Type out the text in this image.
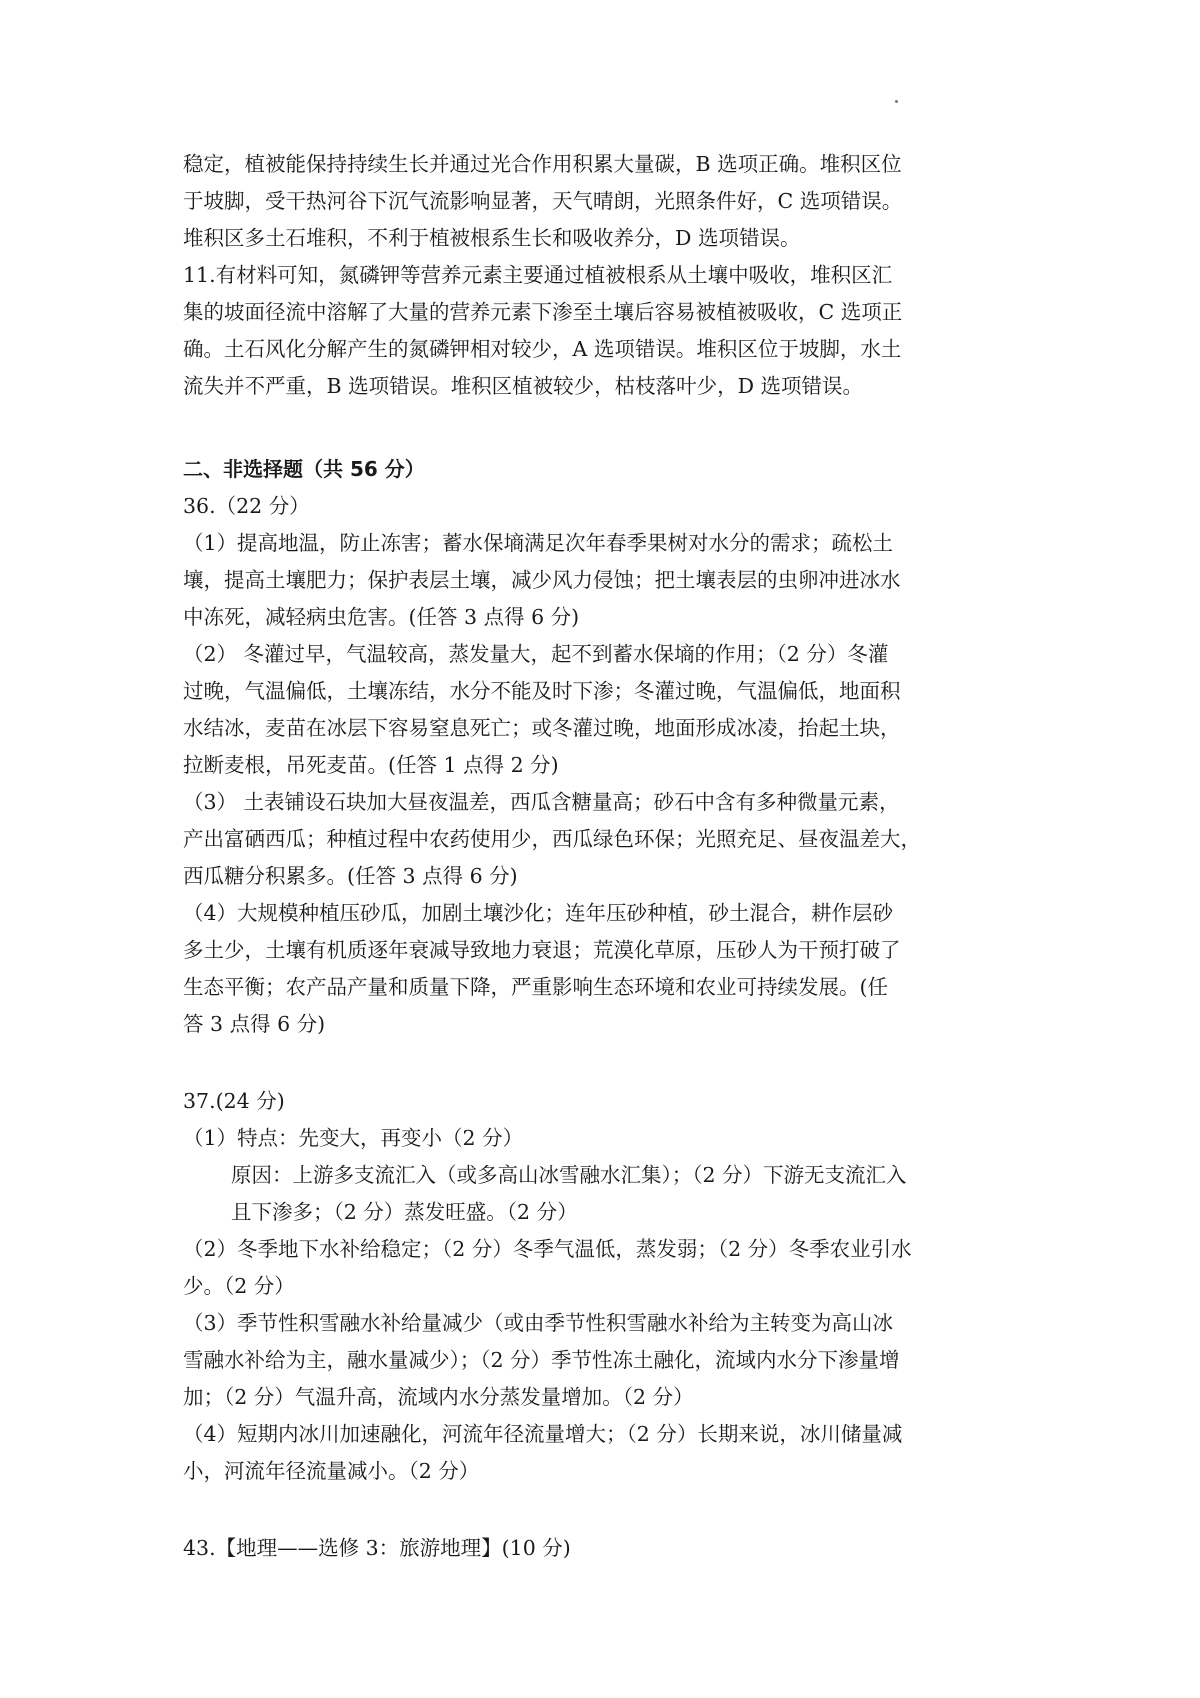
稳定，植被能保持持续生长并通过光合作用积累大量碳，B 选项正确。堆积区位
于坡脚，受干热河谷下沉气流影响显著，天气晴朗，光照条件好，C 选项错误。
堆积区多土石堆积，不利于植被根系生长和吸收养分，D 选项错误。
11.有材料可知，氮磷钾等营养元素主要通过植被根系从土壤中吸收，堆积区汇
集的坡面径流中溶解了大量的营养元素下渗至土壤后容易被植被吸收，C 选项正
确。土石风化分解产生的氮磷钾相对较少，A 选项错误。堆积区位于坡脚，水土
流失并不严重，B 选项错误。堆积区植被较少，枯枝落叶少，D 选项错误。
二、非选择题（共 56 分）
36.（22 分）
（1）提高地温，防止冻害；蓄水保墒满足次年春季果树对水分的需求；疏松土
壤，提高土壤肥力；保护表层土壤，减少风力侵蚀；把土壤表层的虫卵冲进冰水
中冻死，减轻病虫危害。(任答 3 点得 6 分)
（2） 冬灌过早，气温较高，蒸发量大，起不到蓄水保墒的作用；（2 分）冬灌
过晚，气温偏低，土壤冻结，水分不能及时下渗；冬灌过晚，气温偏低，地面积
水结冰，麦苗在冰层下容易窒息死亡；或冬灌过晚，地面形成冰凌，抬起土块，
拉断麦根，吊死麦苗。(任答 1 点得 2 分)
（3） 土表铺设石块加大昼夜温差，西瓜含糖量高；砂石中含有多种微量元素，
产出富硒西瓜；种植过程中农药使用少，西瓜绿色环保；光照充足、昼夜温差大，
西瓜糖分积累多。(任答 3 点得 6 分)
（4）大规模种植压砂瓜，加剧土壤沙化；连年压砂种植，砂土混合，耕作层砂
多土少，土壤有机质逐年衰减导致地力衰退；荒漠化草原，压砂人为干预打破了
生态平衡；农产品产量和质量下降，严重影响生态环境和农业可持续发展。(任
答 3 点得 6 分)
37.(24 分)
（1）特点：先变大，再变小（2 分）
原因：上游多支流汇入（或多高山冰雪融水汇集）；（2 分）下游无支流汇入
且下渗多；（2 分）蒸发旺盛。（2 分）
（2）冬季地下水补给稳定；（2 分）冬季气温低，蒸发弱；（2 分）冬季农业引水
少。（2 分）
（3）季节性积雪融水补给量减少（或由季节性积雪融水补给为主转变为高山冰
雪融水补给为主，融水量减少）；（2 分）季节性冻土融化，流域内水分下渗量增
加；（2 分）气温升高，流域内水分蒸发量增加。（2 分）
（4）短期内冰川加速融化，河流年径流量增大；（2 分）长期来说，冰川储量减
小，河流年径流量减小。（2 分）
43.【地理——选修 3：旅游地理】(10 分)
